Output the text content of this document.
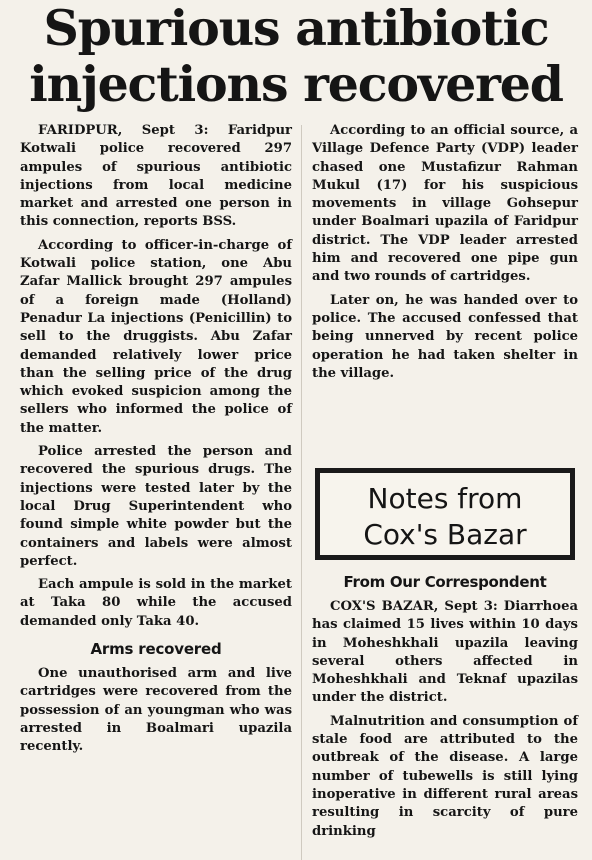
Spurious antibiotic
injections recovered

FARIDPUR, Sept 3: Faridpur Kotwali police recovered 297 ampules of spurious antibiotic injections from local medicine market and arrested one person in this connection, reports BSS.

According to officer-in-charge of Kotwali police station, one Abu Zafar Mallick brought 297 ampules of a foreign made (Holland) Penadur La injections (Penicillin) to sell to the druggists. Abu Zafar demanded relatively lower price than the selling price of the drug which evoked suspicion among the sellers who informed the police of the matter.

Police arrested the person and recovered the spurious drugs. The injections were tested later by the local Drug Superintendent who found simple white powder but the containers and labels were almost perfect.

Each ampule is sold in the market at Taka 80 while the accused demanded only Taka 40.

Arms recovered

One unauthorised arm and live cartridges were recovered from the possession of an youngman who was arrested in Boalmari upazila recently.

According to an official source, a Village Defence Party (VDP) leader chased one Mustafizur Rahman Mukul (17) for his suspicious movements in village Gohsepur under Boalmari upazila of Faridpur district. The VDP leader arrested him and recovered one pipe gun and two rounds of cartridges.

Later on, he was handed over to police. The accused confessed that being unnerved by recent police operation he had taken shelter in the village.

Notes from
Cox's Bazar
From Our Correspondent

COX'S BAZAR, Sept 3: Diarrhoea has claimed 15 lives within 10 days in Moheshkhali upazila leaving several others affected in Moheshkhali and Teknaf upazilas under the district.

Malnutrition and consumption of stale food are attributed to the outbreak of the disease. A large number of tubewells is still lying inoperative in different rural areas resulting in scarcity of pure drinking
